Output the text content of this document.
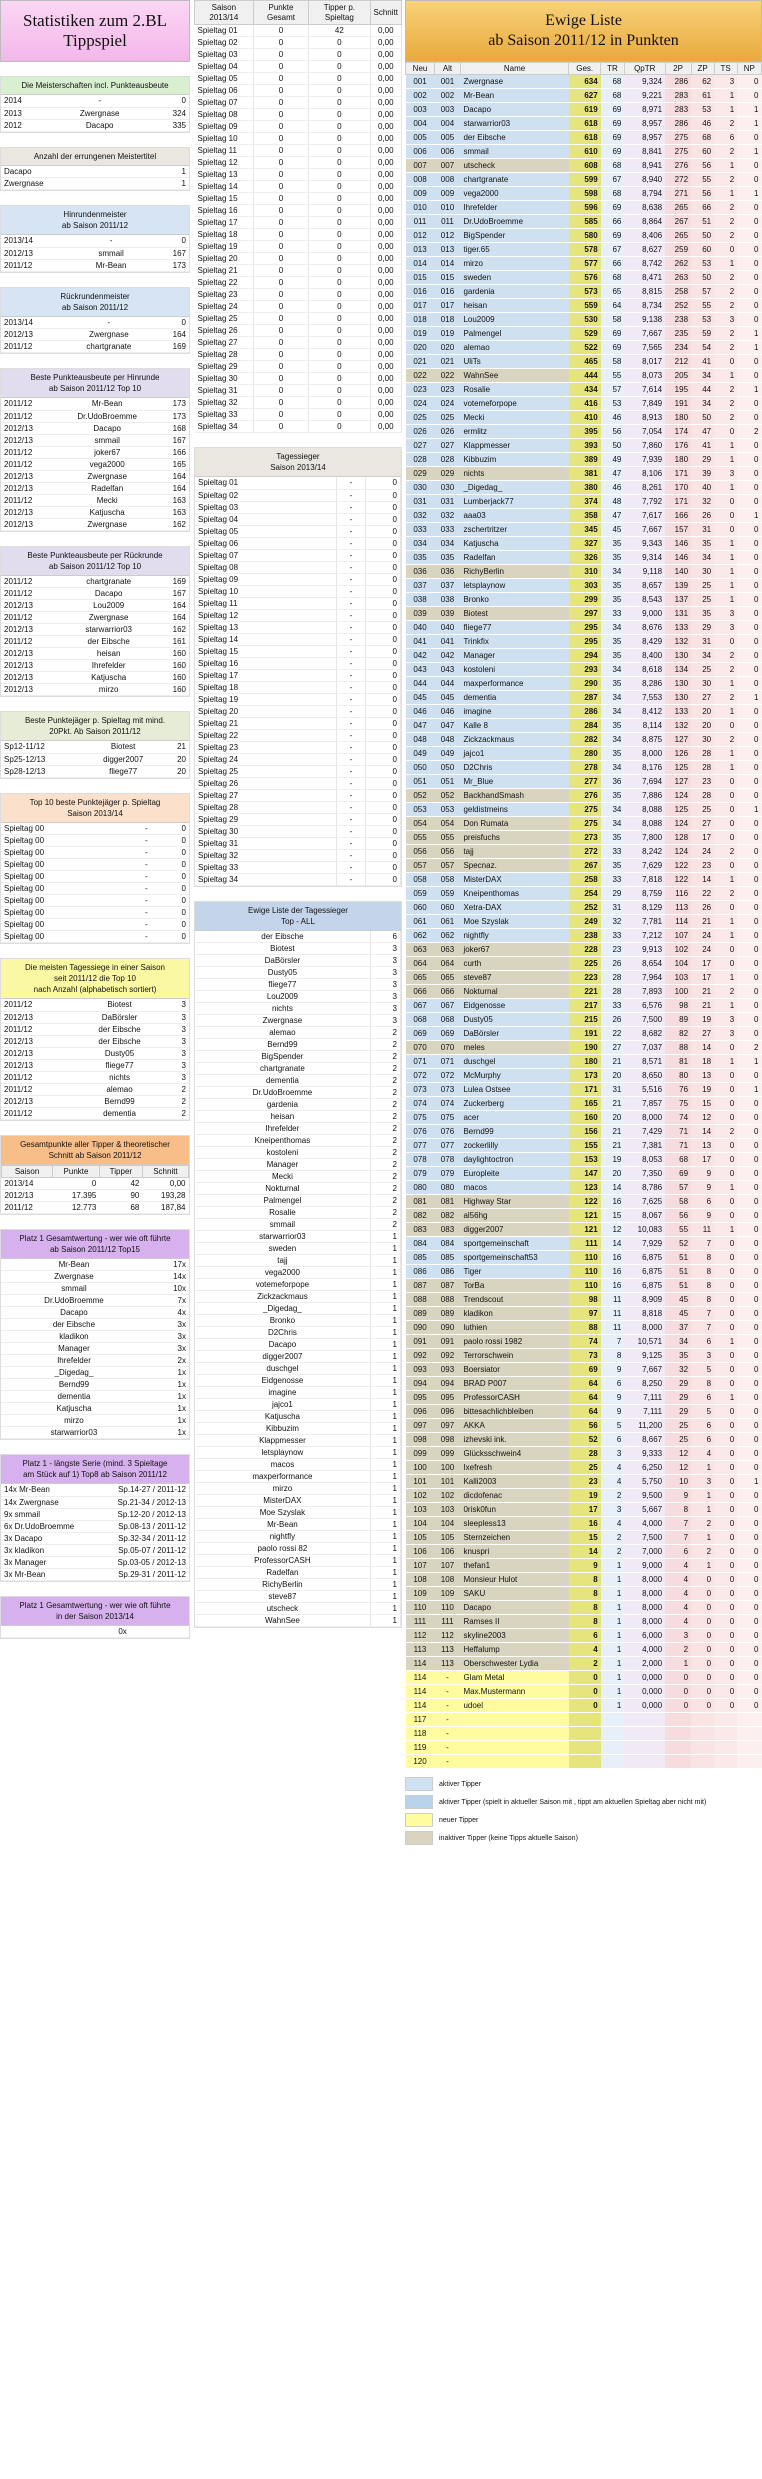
Statistiken zum 2.BL Tippspiel
Die Meisterschaften incl. Punkteausbeute
2014	-	0
2013	Zwergnase	324
2012	Dacapo	335
Anzahl der errungenen Meistertitel
Dacapo	1
Zwergnase	1
Hinrundenmeister
ab Saison 2011/12
2013/14	-	0
2012/13	smmail	167
2011/12	Mr-Bean	173
Rückrundenmeister
ab Saison 2011/12
2013/14	-	0
2012/13	Zwergnase	164
2011/12	chartgranate	169
Beste Punkteausbeute per Hinrunde
ab Saison 2011/12 Top 10
2011/12	Mr-Bean	173
2011/12	Dr.UdoBroemme	173
2012/13	Dacapo	168
2012/13	smmail	167
2011/12	joker67	166
2011/12	vega2000	165
2012/13	Zwergnase	164
2012/13	Radelfan	164
2011/12	Mecki	163
2012/13	Katjuscha	163
2012/13	Zwergnase	162
Beste Punkteausbeute per Rückrunde
ab Saison 2011/12 Top 10
2011/12	chartgranate	169
2011/12	Dacapo	167
2012/13	Lou2009	164
2011/12	Zwergnase	164
2012/13	starwarrior03	162
2011/12	der Eibsche	161
2012/13	heisan	160
2012/13	Ihrefelder	160
2012/13	Katjuscha	160
2012/13	mirzo	160
Beste Punktejäger p. Spieltag mit mind.
20Pkt. Ab Saison 2011/12
Sp12-11/12	Biotest	21
Sp25-12/13	digger2007	20
Sp28-12/13	fliege77	20
Top 10 beste Punktejäger p. Spieltag
Saison 2013/14
Spieltag 00	-	0
Spieltag 00	-	0
Spieltag 00	-	0
Spieltag 00	-	0
Spieltag 00	-	0
Spieltag 00	-	0
Spieltag 00	-	0
Spieltag 00	-	0
Spieltag 00	-	0
Spieltag 00	-	0
Die meisten Tagessiege in einer Saison
seit 2011/12 die Top 10
nach Anzahl (alphabetisch sortiert)
2011/12	Biotest	3
2012/13	DaBörsler	3
2011/12	der Eibsche	3
2012/13	der Eibsche	3
2012/13	Dusty05	3
2012/13	fliege77	3
2011/12	nichts	3
2011/12	alemao	2
2012/13	Bernd99	2
2011/12	dementia	2
Gesamtpunkte aller Tipper & theoretischer
Schnitt ab Saison 2011/12
Saison	Punkte	Tipper	Schnitt
2013/14	0	42	0,00
2012/13	17.395	90	193,28
2011/12	12.773	68	187,84
Platz 1 Gesamtwertung - wer wie oft führte
ab Saison 2011/12 Top15
Mr-Bean	17x
Zwergnase	14x
smmail	10x
Dr.UdoBroemme	7x
Dacapo	4x
der Eibsche	3x
kladikon	3x
Manager	3x
Ihrefelder	2x
_Digedag_	1x
Bernd99	1x
dementia	1x
Katjuscha	1x
mirzo	1x
starwarrior03	1x
Platz 1 - längste Serie (mind. 3 Spieltage
am Stück auf 1) Top8 ab Saison 2011/12
14x Mr-Bean	Sp.14-27 / 2011-12
14x Zwergnase	Sp.21-34 / 2012-13
9x smmail	Sp.12-20 / 2012-13
6x Dr.UdoBroemme	Sp.08-13 / 2011-12
3x Dacapo	Sp.32-34 / 2011-12
3x kladikon	Sp.05-07 / 2011-12
3x Manager	Sp.03-05 / 2012-13
3x Mr-Bean	Sp.29-31 / 2011-12
Platz 1 Gesamtwertung - wer wie oft führte
in der Saison 2013/14
	0x
Saison 2013/14	Punkte Gesamt	Tipper p. Spieltag	Schnitt
Spieltag 01	0	42	0,00
Spieltag 02	0	0	0,00
Spieltag 03	0	0	0,00
Spieltag 04	0	0	0,00
Spieltag 05	0	0	0,00
Spieltag 06	0	0	0,00
Spieltag 07	0	0	0,00
Spieltag 08	0	0	0,00
Spieltag 09	0	0	0,00
Spieltag 10	0	0	0,00
Spieltag 11	0	0	0,00
Spieltag 12	0	0	0,00
Spieltag 13	0	0	0,00
Spieltag 14	0	0	0,00
Spieltag 15	0	0	0,00
Spieltag 16	0	0	0,00
Spieltag 17	0	0	0,00
Spieltag 18	0	0	0,00
Spieltag 19	0	0	0,00
Spieltag 20	0	0	0,00
Spieltag 21	0	0	0,00
Spieltag 22	0	0	0,00
Spieltag 23	0	0	0,00
Spieltag 24	0	0	0,00
Spieltag 25	0	0	0,00
Spieltag 26	0	0	0,00
Spieltag 27	0	0	0,00
Spieltag 28	0	0	0,00
Spieltag 29	0	0	0,00
Spieltag 30	0	0	0,00
Spieltag 31	0	0	0,00
Spieltag 32	0	0	0,00
Spieltag 33	0	0	0,00
Spieltag 34	0	0	0,00
Tagessieger
Saison 2013/14
Spieltag 01	-	0
Spieltag 02	-	0
Spieltag 03	-	0
Spieltag 04	-	0
Spieltag 05	-	0
Spieltag 06	-	0
Spieltag 07	-	0
Spieltag 08	-	0
Spieltag 09	-	0
Spieltag 10	-	0
Spieltag 11	-	0
Spieltag 12	-	0
Spieltag 13	-	0
Spieltag 14	-	0
Spieltag 15	-	0
Spieltag 16	-	0
Spieltag 17	-	0
Spieltag 18	-	0
Spieltag 19	-	0
Spieltag 20	-	0
Spieltag 21	-	0
Spieltag 22	-	0
Spieltag 23	-	0
Spieltag 24	-	0
Spieltag 25	-	0
Spieltag 26	-	0
Spieltag 27	-	0
Spieltag 28	-	0
Spieltag 29	-	0
Spieltag 30	-	0
Spieltag 31	-	0
Spieltag 32	-	0
Spieltag 33	-	0
Spieltag 34	-	0
Ewige Liste der Tagessieger
Top - ALL
der Eibsche	6
Biotest	3
DaBörsler	3
Dusty05	3
fliege77	3
Lou2009	3
nichts	3
Zwergnase	3
alemao	2
Bernd99	2
BigSpender	2
chartgranate	2
dementia	2
Dr.UdoBroemme	2
gardenia	2
heisan	2
Ihrefelder	2
Kneipenthomas	2
kostoleni	2
Manager	2
Mecki	2
Nokturnal	2
Palmengel	2
Rosalie	2
smmail	2
starwarrior03	1
sweden	1
tajj	1
vega2000	1
votemeforpope	1
Zickzackmaus	1
_Digedag_	1
Bronko	1
D2Chris	1
Dacapo	1
digger2007	1
duschgel	1
Eidgenosse	1
imagine	1
jajco1	1
Katjuscha	1
Kibbuzim	1
Klappmesser	1
letsplaynow	1
macos	1
maxperformance	1
mirzo	1
MisterDAX	1
Moe Szyslak	1
Mr-Bean	1
nightfly	1
paolo rossi 82	1
ProfessorCASH	1
Radelfan	1
RichyBerlin	1
steve87	1
utscheck	1
WahnSee	1
Ewige Liste
ab Saison 2011/12 in Punkten
Neu	Alt	Name	Ges.	TR	QpTR	2P	ZP	TS	NP
001	001	Zwergnase	634	68	9,324	286	62	3	0
002	002	Mr-Bean	627	68	9,221	283	61	1	0
003	003	Dacapo	619	69	8,971	283	53	1	1
004	004	starwarrior03	618	69	8,957	286	46	2	1
005	005	der Eibsche	618	69	8,957	275	68	6	0
006	006	smmail	610	69	8,841	275	60	2	1
007	007	utscheck	608	68	8,941	276	56	1	0
008	008	chartgranate	599	67	8,940	272	55	2	0
009	009	vega2000	598	68	8,794	271	56	1	1
010	010	Ihrefelder	596	69	8,638	265	66	2	0
011	011	Dr.UdoBroemme	585	66	8,864	267	51	2	0
012	012	BigSpender	580	69	8,406	265	50	2	0
013	013	tiger.65	578	67	8,627	259	60	0	0
014	014	mirzo	577	66	8,742	262	53	1	0
015	015	sweden	576	68	8,471	263	50	2	0
016	016	gardenia	573	65	8,815	258	57	2	0
017	017	heisan	559	64	8,734	252	55	2	0
018	018	Lou2009	530	58	9,138	238	53	3	0
019	019	Palmengel	529	69	7,667	235	59	2	1
020	020	alemao	522	69	7,565	234	54	2	1
021	021	UliTs	465	58	8,017	212	41	0	0
022	022	WahnSee	444	55	8,073	205	34	1	0
023	023	Rosalie	434	57	7,614	195	44	2	1
024	024	votemeforpope	416	53	7,849	191	34	2	0
025	025	Mecki	410	46	8,913	180	50	2	0
026	026	ermlitz	395	56	7,054	174	47	0	2
027	027	Klappmesser	393	50	7,860	176	41	1	0
028	028	Kibbuzim	389	49	7,939	180	29	1	0
029	029	nichts	381	47	8,106	171	39	3	0
030	030	_Digedag_	380	46	8,261	170	40	1	0
031	031	Lumberjack77	374	48	7,792	171	32	0	0
032	032	aaa03	358	47	7,617	166	26	0	1
033	033	zschertritzer	345	45	7,667	157	31	0	0
034	034	Katjuscha	327	35	9,343	146	35	1	0
035	035	Radelfan	326	35	9,314	146	34	1	0
036	036	RichyBerlin	310	34	9,118	140	30	1	0
037	037	letsplaynow	303	35	8,657	139	25	1	0
038	038	Bronko	299	35	8,543	137	25	1	0
039	039	Biotest	297	33	9,000	131	35	3	0
040	040	fliege77	295	34	8,676	133	29	3	0
041	041	Trinkfix	295	35	8,429	132	31	0	0
042	042	Manager	294	35	8,400	130	34	2	0
043	043	kostoleni	293	34	8,618	134	25	2	0
044	044	maxperformance	290	35	8,286	130	30	1	0
045	045	dementia	287	34	7,553	130	27	2	1
046	046	imagine	286	34	8,412	133	20	1	0
047	047	Kalle 8	284	35	8,114	132	20	0	0
048	048	Zickzackmaus	282	34	8,875	127	30	2	0
049	049	jajco1	280	35	8,000	126	28	1	0
050	050	D2Chris	278	34	8,176	125	28	1	0
051	051	Mr_Blue	277	36	7,694	127	23	0	0
052	052	BackhandSmash	276	35	7,886	124	28	0	0
053	053	geldistmeins	275	34	8,088	125	25	0	1
054	054	Don Rumata	275	34	8,088	124	27	0	0
055	055	preisfuchs	273	35	7,800	128	17	0	0
056	056	tajj	272	33	8,242	124	24	2	0
057	057	Specnaz.	267	35	7,629	122	23	0	0
058	058	MisterDAX	258	33	7,818	122	14	1	0
059	059	Kneipenthomas	254	29	8,759	116	22	2	0
060	060	Xetra-DAX	252	31	8,129	113	26	0	0
061	061	Moe Szyslak	249	32	7,781	114	21	1	0
062	062	nightfly	238	33	7,212	107	24	1	0
063	063	joker67	228	23	9,913	102	24	0	0
064	064	curth	225	26	8,654	104	17	0	0
065	065	steve87	223	28	7,964	103	17	1	0
066	066	Nokturnal	221	28	7,893	100	21	2	0
067	067	Eidgenosse	217	33	6,576	98	21	1	0
068	068	Dusty05	215	26	7,500	89	19	3	0
069	069	DaBörsler	191	22	8,682	82	27	3	0
070	070	meles	190	27	7,037	88	14	0	2
071	071	duschgel	180	21	8,571	81	18	1	1
072	072	McMurphy	173	20	8,650	80	13	0	0
073	073	Lulea Ostsee	171	31	5,516	76	19	0	1
074	074	Zuckerberg	165	21	7,857	75	15	0	0
075	075	acer	160	20	8,000	74	12	0	0
076	076	Bernd99	156	21	7,429	71	14	2	0
077	077	zockerlilly	155	21	7,381	71	13	0	0
078	078	daylightoctron	153	19	8,053	68	17	0	0
079	079	Europleite	147	20	7,350	69	9	0	0
080	080	macos	123	14	8,786	57	9	1	0
081	081	Highway Star	122	16	7,625	58	6	0	0
082	082	al56hg	121	15	8,067	56	9	0	0
083	083	digger2007	121	12	10,083	55	11	1	0
084	084	sportgemeinschaft	111	14	7,929	52	7	0	0
085	085	sportgemeinschaft53	110	16	6,875	51	8	0	0
086	086	Tiger	110	16	6,875	51	8	0	0
087	087	TorBa	110	16	6,875	51	8	0	0
088	088	Trendscout	98	11	8,909	45	8	0	0
089	089	kladikon	97	11	8,818	45	7	0	0
090	090	luthien	88	11	8,000	37	7	0	0
091	091	paolo rossi 1982	74	7	10,571	34	6	1	0
092	092	Terrorschwein	73	8	9,125	35	3	0	0
093	093	Boersiator	69	9	7,667	32	5	0	0
094	094	BRAD P007	64	6	8,250	29	8	0	0
095	095	ProfessorCASH	64	9	7,111	29	6	1	0
096	096	bittesachlichbleiben	64	9	7,111	29	5	0	0
097	097	AKKA	56	5	11,200	25	6	0	0
098	098	izhevski ink.	52	6	8,667	25	6	0	0
099	099	Glücksschwein4	28	3	9,333	12	4	0	0
100	100	Ixefresh	25	4	6,250	12	1	0	0
101	101	Kalli2003	23	4	5,750	10	3	0	1
102	102	dicdofenac	19	2	9,500	9	1	0	0
103	103	0risk0fun	17	3	5,667	8	1	0	0
104	104	sleepless13	16	4	4,000	7	2	0	0
105	105	Sternzeichen	15	2	7,500	7	1	0	0
106	106	knuspri	14	2	7,000	6	2	0	0
107	107	thefan1	9	1	9,000	4	1	0	0
108	108	Monsieur Hulot	8	1	8,000	4	0	0	0
109	109	SAKU	8	1	8,000	4	0	0	0
110	110	Dacapo	8	1	8,000	4	0	0	0
111	111	Ramses II	8	1	8,000	4	0	0	0
112	112	skyline2003	6	1	6,000	3	0	0	0
113	113	Heffalump	4	1	4,000	2	0	0	0
114	113	Oberschwester Lydia	2	1	2,000	1	0	0	0
114	-	Glam Metal	0	1	0,000	0	0	0	0
114	-	Max.Mustermann	0	1	0,000	0	0	0	0
114	-	udoel	0	1	0,000	0	0	0	0
117	-								
118	-								
119	-								
120	-								
aktiver Tipper
aktiver Tipper (spielt in aktueller Saison mit , tippt am aktuellen Spieltag aber nicht mit)
neuer Tipper
inaktiver Tipper (keine Tipps aktuelle Saison)
